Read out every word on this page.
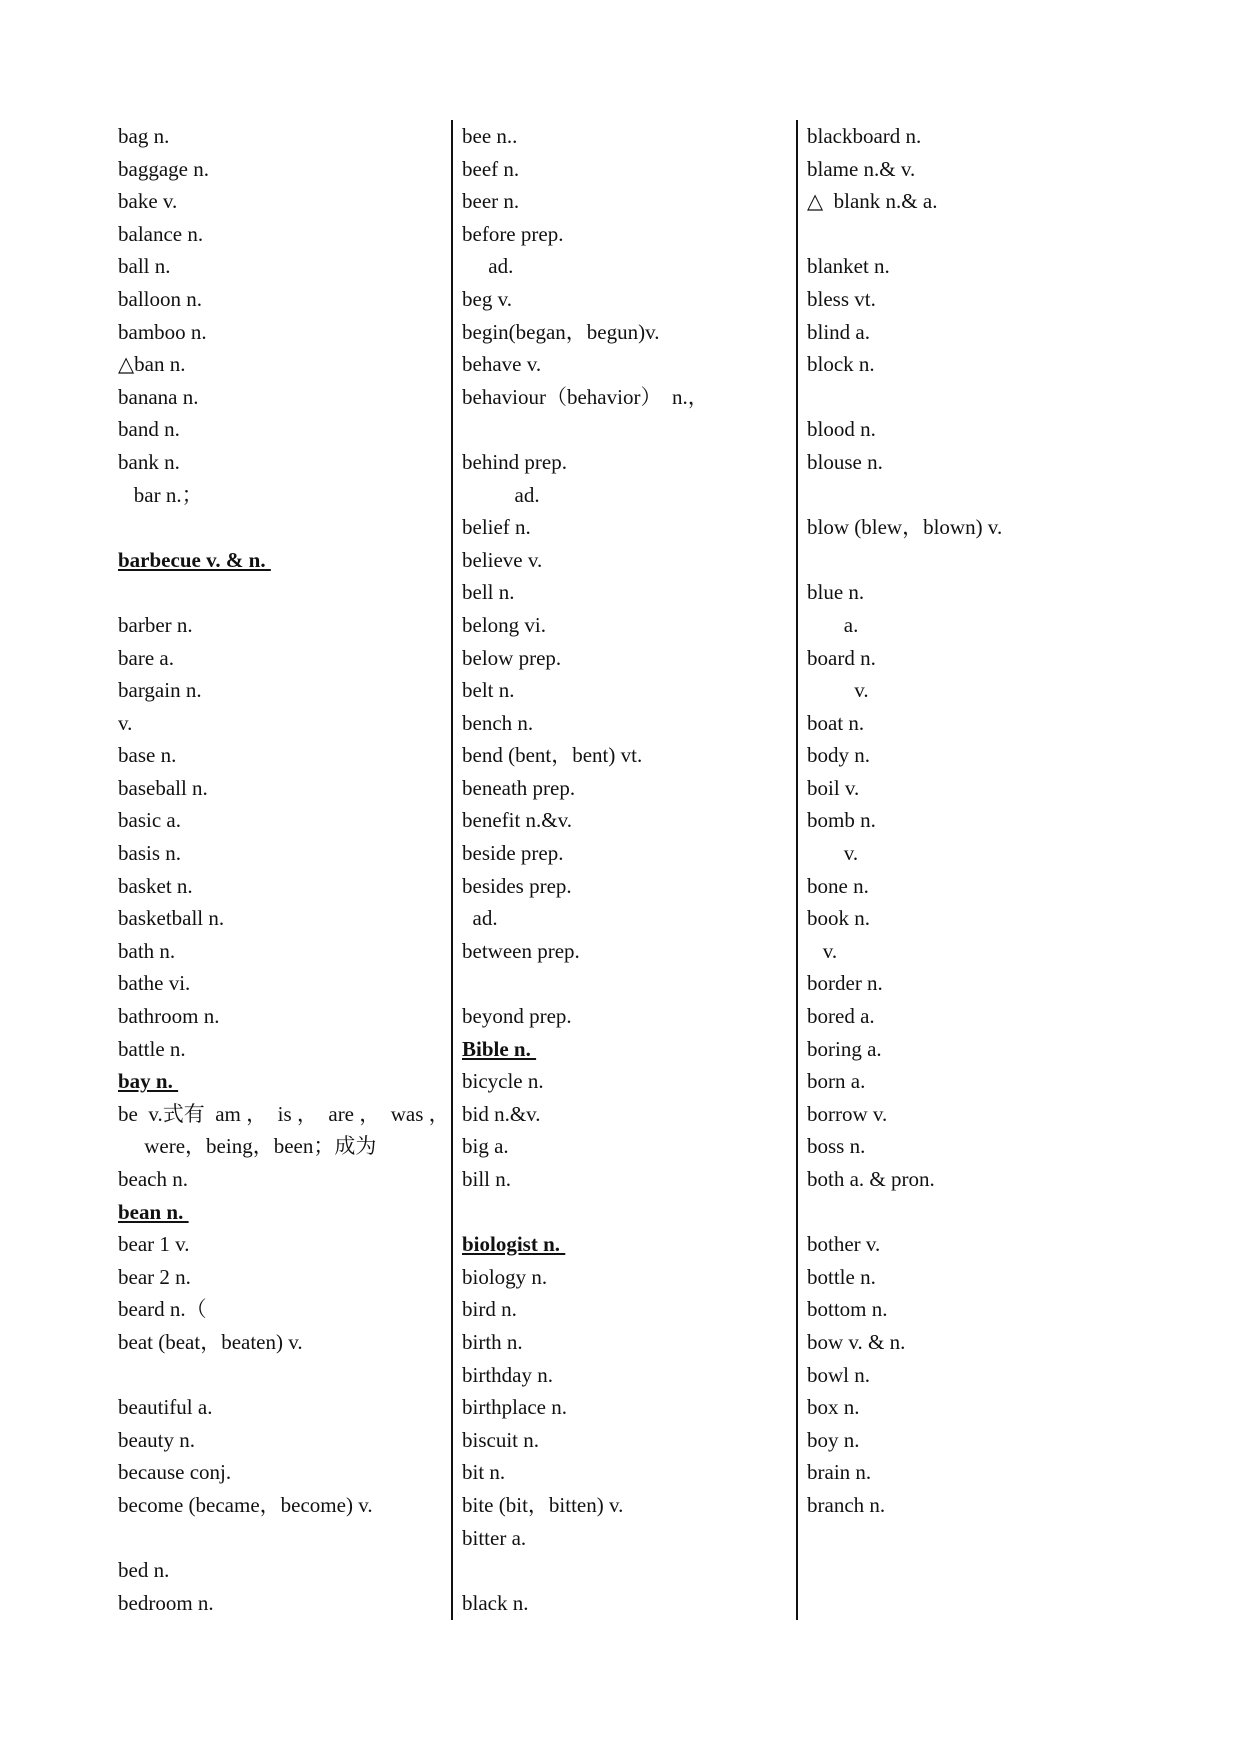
bag n.
baggage n.
bake v.
balance n.
ball n.
balloon n.
bamboo n.
△ban n.
banana n.
band n.
bank n.
bar n.；
barbecue v. & n.
barber n.
bare a.
bargain n.
v.
base n.
baseball n.
basic a.
basis n.
basket n.
basketball n.
bath n.
bathe vi.
bathroom n.
battle n.
bay n.
be  v.式有  am ，  is ，  are ，  was ，
were，being，been；成为
beach n.
bean n.
bear 1 v.
bear 2 n.
beard n.（
beat (beat，beaten) v.
beautiful a.
beauty n.
because conj.
become (became，become) v.
bed n.
bedroom n.
bee n..
beef n.
beer n.
before prep.
ad.
beg v.
begin(began，begun)v.
behave v.
behaviour（behavior）  n.，
behind prep.
ad.
belief n.
believe v.
bell n.
belong vi.
below prep.
belt n.
bench n.
bend (bent，bent) vt.
beneath prep.
benefit n.&v.
beside prep.
besides prep.
ad.
between prep.
beyond prep.
Bible n.
bicycle n.
bid n.&v.
big a.
bill n.
biologist n.
biology n.
bird n.
birth n.
birthday n.
birthplace n.
biscuit n.
bit n.
bite (bit，bitten) v.
bitter a.
black n.
blackboard n.
blame n.& v.
△  blank n.& a.
blanket n.
bless vt.
blind a.
block n.
blood n.
blouse n.
blow (blew，blown) v.
blue n.
a.
board n.
v.
boat n.
body n.
boil v.
bomb n.
v.
bone n.
book n.
v.
border n.
bored a.
boring a.
born a.
borrow v.
boss n.
both a. & pron.
bother v.
bottle n.
bottom n.
bow v. & n.
bowl n.
box n.
boy n.
brain n.
branch n.
